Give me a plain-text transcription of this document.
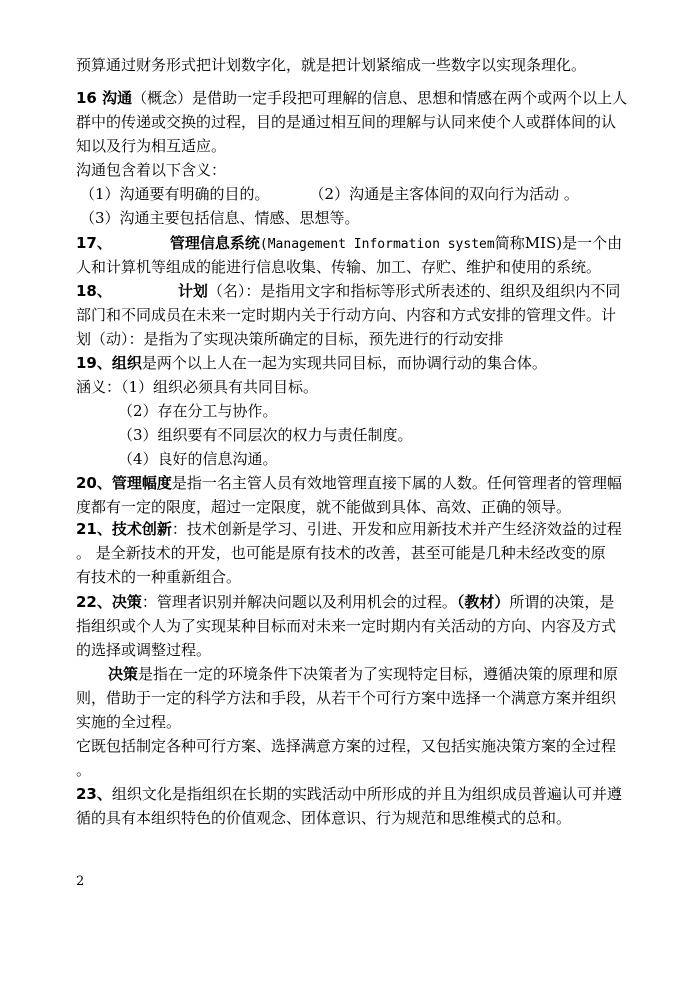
预算通过财务形式把计划数字化，就是把计划紧缩成一些数字以实现条理化。
16 沟通（概念）是借助一定手段把可理解的信息、思想和情感在两个或两个以上人
群中的传递或交换的过程，目的是通过相互间的理解与认同来使个人或群体间的认
知以及行为相互适应。
沟通包含着以下含义：
（1）沟通要有明确的目的。	（2）沟通是主客体间的双向行为活动 。
（3）沟通主要包括信息、情感、思想等。
17、	管理信息系统(Management Information system简称MIS)是一个由
人和计算机等组成的能进行信息收集、传输、加工、存贮、维护和使用的系统。
18、	计划（名）：是指用文字和指标等形式所表述的、组织及组织内不同
部门和不同成员在未来一定时期内关于行动方向、内容和方式安排的管理文件。计
划（动）：是指为了实现决策所确定的目标，预先进行的行动安排
19、组织是两个以上人在一起为实现共同目标，而协调行动的集合体。
涵义：（1）组织必须具有共同目标。
（2）存在分工与协作。
（3）组织要有不同层次的权力与责任制度。
（4）良好的信息沟通。
20、管理幅度是指一名主管人员有效地管理直接下属的人数。任何管理者的管理幅
度都有一定的限度，超过一定限度，就不能做到具体、高效、正确的领导。
21、技术创新：技术创新是学习、引进、开发和应用新技术并产生经济效益的过程
。 是全新技术的开发，也可能是原有技术的改善，甚至可能是几种未经改变的原
有技术的一种重新组合。
22、决策：管理者识别并解决问题以及利用机会的过程。（教材）所谓的决策，是
指组织或个人为了实现某种目标而对未来一定时期内有关活动的方向、内容及方式
的选择或调整过程。
决策是指在一定的环境条件下决策者为了实现特定目标，遵循决策的原理和原
则，借助于一定的科学方法和手段，从若干个可行方案中选择一个满意方案并组织
实施的全过程。
它既包括制定各种可行方案、选择满意方案的过程，又包括实施决策方案的全过程
。
23、组织文化是指组织在长期的实践活动中所形成的并且为组织成员普遍认可并遵
循的具有本组织特色的价值观念、团体意识、行为规范和思维模式的总和。
2
